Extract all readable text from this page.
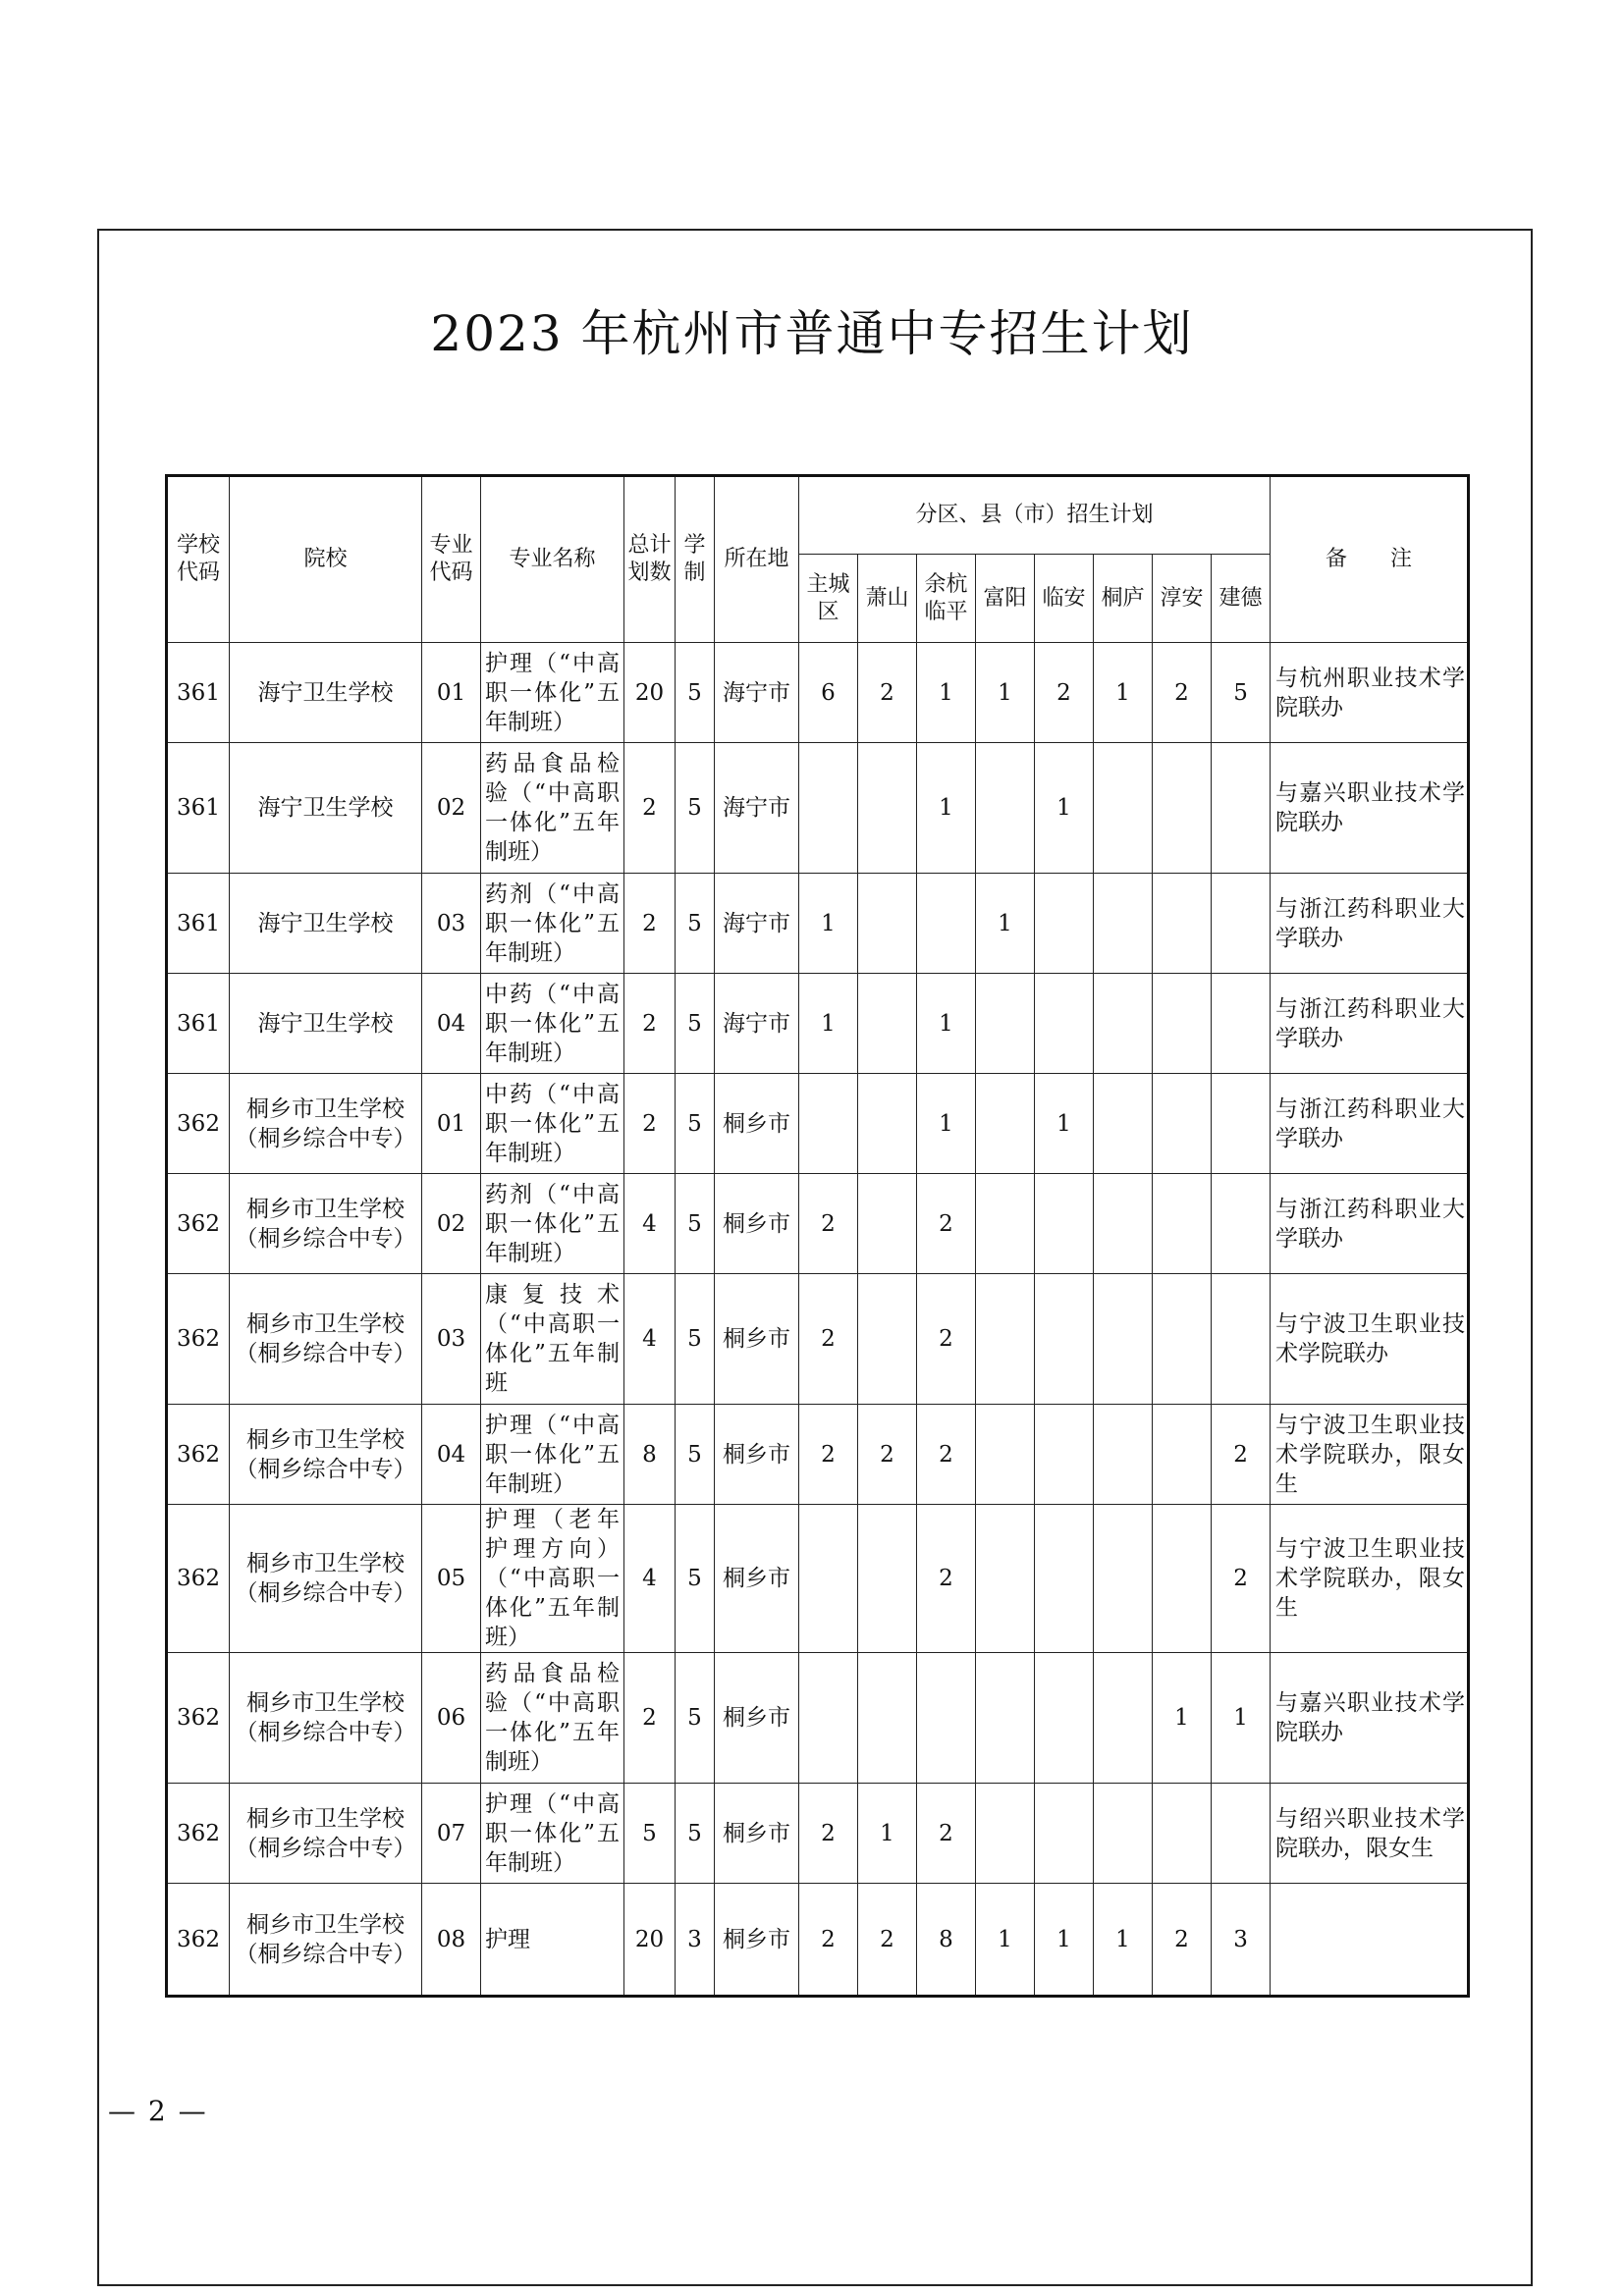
2023 年杭州市普通中专招生计划
学校代码	院校	专业代码	专业名称	总计划数	学制	所在地	分区、县（市）招生计划								备　　注
							主城区	萧山	余杭临平	富阳	临安	桐庐	淳安	建德	
361	海宁卫生学校	01	护理（“中高职一体化”五年制班）	20	5	海宁市	6	2	1	1	2	1	2	5	与杭州职业技术学院联办
361	海宁卫生学校	02	药品食品检验（“中高职一体化”五年制班）	2	5	海宁市			1		1				与嘉兴职业技术学院联办
361	海宁卫生学校	03	药剂（“中高职一体化”五年制班）	2	5	海宁市	1			1					与浙江药科职业大学联办
361	海宁卫生学校	04	中药（“中高职一体化”五年制班）	2	5	海宁市	1		1						与浙江药科职业大学联办
362	桐乡市卫生学校（桐乡综合中专）	01	中药（“中高职一体化”五年制班）	2	5	桐乡市			1		1				与浙江药科职业大学联办
362	桐乡市卫生学校（桐乡综合中专）	02	药剂（“中高职一体化”五年制班）	4	5	桐乡市	2		2						与浙江药科职业大学联办
362	桐乡市卫生学校（桐乡综合中专）	03	康复技术（“中高职一体化”五年制班	4	5	桐乡市	2		2						与宁波卫生职业技术学院联办
362	桐乡市卫生学校（桐乡综合中专）	04	护理（“中高职一体化”五年制班）	8	5	桐乡市	2	2	2					2	与宁波卫生职业技术学院联办，限女生
362	桐乡市卫生学校（桐乡综合中专）	05	护理（老年护理方向）（“中高职一体化”五年制班）	4	5	桐乡市			2					2	与宁波卫生职业技术学院联办，限女生
362	桐乡市卫生学校（桐乡综合中专）	06	药品食品检验（“中高职一体化”五年制班）	2	5	桐乡市							1	1	与嘉兴职业技术学院联办
362	桐乡市卫生学校（桐乡综合中专）	07	护理（“中高职一体化”五年制班）	5	5	桐乡市	2	1	2						与绍兴职业技术学院联办，限女生
362	桐乡市卫生学校（桐乡综合中专）	08	护理	20	3	桐乡市	2	2	8	1	1	1	2	3	
— 2 —
